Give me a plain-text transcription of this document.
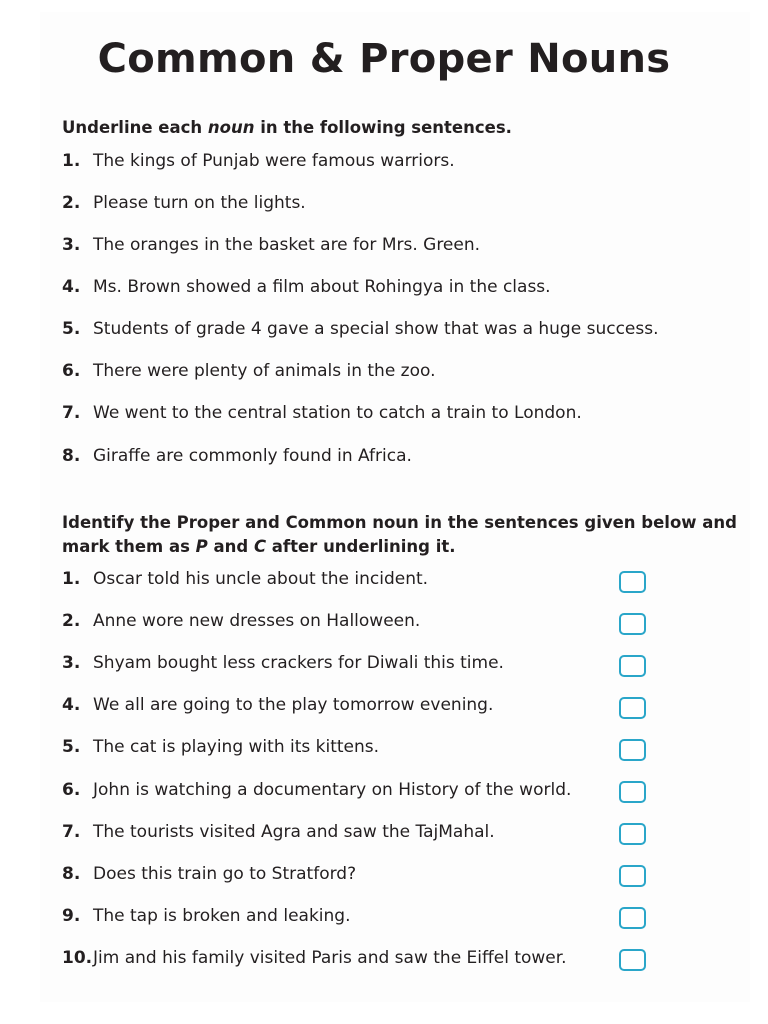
Common & Proper Nouns
Underline each noun in the following sentences.
1. The kings of Punjab were famous warriors.
2. Please turn on the lights.
3. The oranges in the basket are for Mrs. Green.
4. Ms. Brown showed a film about Rohingya in the class.
5. Students of grade 4 gave a special show that was a huge success.
6. There were plenty of animals in the zoo.
7. We went to the central station to catch a train to London.
8. Giraffe are commonly found in Africa.
Identify the Proper and Common noun in the sentences given below and
mark them as P and C after underlining it.
1. Oscar told his uncle about the incident.
2. Anne wore new dresses on Halloween.
3. Shyam bought less crackers for Diwali this time.
4. We all are going to the play tomorrow evening.
5. The cat is playing with its kittens.
6. John is watching a documentary on History of the world.
7. The tourists visited Agra and saw the TajMahal.
8. Does this train go to Stratford?
9. The tap is broken and leaking.
10.Jim and his family visited Paris and saw the Eiffel tower.
